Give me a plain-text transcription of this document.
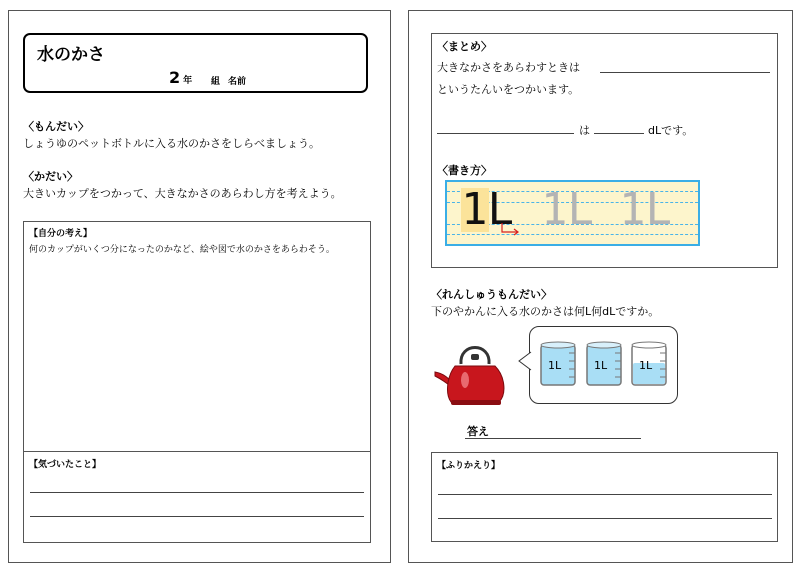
水のかさ
2 年 組 名前
〈もんだい〉
しょうゆのペットボトルに入る水のかさをしらべましょう。
〈かだい〉
大きいカップをつかって、大きなかさのあらわし方を考えよう。
【自分の考え】
何のカップがいくつ分になったのかなど、絵や図で水のかさをあらわそう。
【気づいたこと】
〈まとめ〉
大きなかさをあらわすときは
というたんいをつかいます。
は	dLです。
〈書き方〉
〈れんしゅうもんだい〉
下のやかんに入る水のかさは何L何dLですか。
1L	1L	1L
答え
【ふりかえり】
1L 1L 1L
